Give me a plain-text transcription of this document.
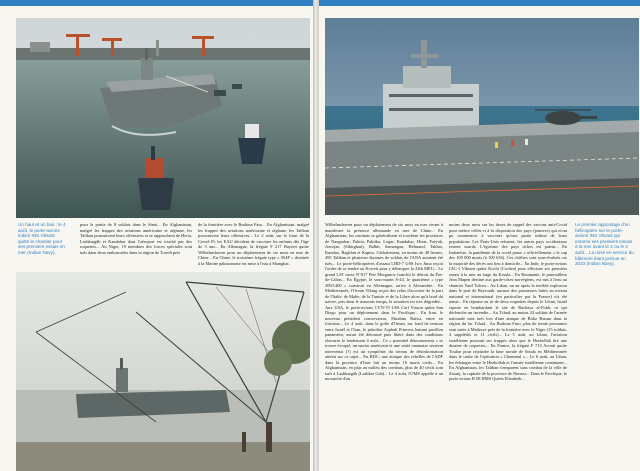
Un haut et un bas : le 4 août, le porte-avions indien INS Vikrant quitte le chantier pour ses premiers essais en mer (Indian Navy).
pour la partie de 8 soldats dans le Sinaï... En Afghanistan, malgré les frappes des aviations américaine et afghane, les Taliban poursuivent leurs offensives et se rapprochent de Herat, Lashkargâh et Kandahar dont l'aéroport est touché par des roquettes... Au Niger, 19 membres des forces spéciales sont tués dans deux embuscades dans la région de Torodi près
de la frontière avec le Burkina Faso... En Afghanistan, malgré les frappes des aviations américaine et afghane, les Taliban poursuivent leurs offensives... Le 2 août, sur le front de la Covid-19, les EAU décident de vacciner les enfants dès l'âge de 3 ans... En Allemagne, la frégate F 217 Bayern quitte Wilhelmshaven pour un déploiement de six mois en mer de Chine... En Chine, le troisième frégate type « 054P » destinée à la Marine pakistanaise est mise à l'eau à Shanghai.
Wilhelmshaven pour un déploiement de six mois en mer vivant à manifester la présence allemande en mer de Chine... En Afghanistan, les combats se généralisent et touchent les provinces de Nangarhar, Paktia, Paktika, Logar, Kandahar, Herat, Faryab, Jowzjan (Sibirghan), Balkh, Samangan, Helmand, Takhar, Kunduz, Baghlan et Kapisa. Globalement, en moins de 48 heures, 495 Taliban et plusieurs dizaines de soldats de l'ANA auraient été tués... Le porte-hélicoptères d'assaut LHD-7 USS Iwo Jima reçoit l'ordre de se rendre au Koweït pour y débarquer la 24th MEU... Le grand LST russe N°017 Petr Morgunov franchit le détroit du Pas-de-Calais... En Égypte, le sous-marin S-44, le quatrième « type 209/1400 » construit en Allemagne, arrive à Alexandrie... En Méditerranée, l'Ocean Viking reçoit des refus d'accoster de la part de l'Italie, de Malte, de la Tunisie et de la Libye alors qu'à bord du navire, pris dans le mauvais temps, la situation est très dégradée... Aux USA, le porte-avions CVN-70 USS Carl Vinson quitte San Diego pour un déploiement dans le Pacifique... En Iran, le nouveau président conservateur, Ebrahim Raïssi, entre en fonction... Le 4 août, dans le golfe d'Oman, sur fond de tension entre Israël et l'Iran, le pétrolier Asphalt Princess battant pavillon panaméen, aurait été détourné puis libéré dans des conditions obscures le lendemain 4 août... Ce « potentiel détournement » se trouve évoqué, un navire américain et une unité omanaise seraient intervenus (?) est un symptôme du niveau de désinformation atteint sur ce sujet... En RDC, une attaque des rebelles de l'ADF dans la province d'Ituri fait au moins 16 morts civils... En Afghanistan, en plus au milieu des combats, plus de 40 civils sont tués à Lashkargâh (Lashkar Gah)... Le 4 août, l'OMS appelle à un moratoire d'au
moins deux mois sur les doses de rappel des vaccins anti-Covid pour mettre celles-ci à la disposition des pays (pauvres) qui n'ont pu commencer à vacciner qu'une partie infime de leurs populations. Les États-Unis refusent, les autres pays occidentaux restent sourds. L'égoïsme des pays riches est patent... En Indonésie, la pandémie de la covid passe « officiellement » le cap des 100 000 morts (à 100 636). Ces chiffres sont sous-évalués car la majorité des décès ont lieu à domicile... En Inde, le porte-avions IAC-1 Vikrant quitte Kochi (Cochin) pour effectuer ses premiers essais à la mer au large du Kerala... En Roumanie, le patrouilleur Jean Mapen destiné aux garde-côtes norvégiens, est mis à l'eau au chantier Vard Tulcea... Au Liban, un an après la terrible explosion dans le port de Beyrouth, aucune des promesses faites au niveau national et international (en particulier par la France) n'a été tenue... En réponse au tir de deux roquettes depuis le Liban, Israël riposte en bombardant le site de Rachaya al-Fokh, ce qui déclenche un incendie... Au Tchad, au moins 24 soldats de l'armée nationale sont tués lors d'une attaque de Boko Haram dans la région du lac Tchad... Au Burkina Faso, plus de trente personnes sont tuées à Markoye près de la frontière avec le Niger (15 soldats, 4 supplétifs et 11 civils)... Le 5 août, au Liban, l'aviation israélienne poursuit ses frappes alors que le Hezbollah tire une dizaine de roquettes... En France, la frégate F 713 Aconit quitte Toulon pour rejoindre la base navale de Souda en Méditerranée dans le cadre de l'opération « Chammal »... Le 6 août, au Liban, les échanges entre le Hezbollah et l'armée israélienne continuent... En Afghanistan, les Taliban s'emparent sans combat de la ville de Zaranj, la capitale de la province de Nimroz... Dans le Pacifique, le porte-avions R 08 HMS Queen Elizabeth...
Le premier appontage d'un hélicoptère sur le porte-avions INS Vikrant qui entame ses premiers essais à la mer avant le 2 ou le 4 août... La mise en service du bâtiment étant prévue en 2023 (Indian Navy).
